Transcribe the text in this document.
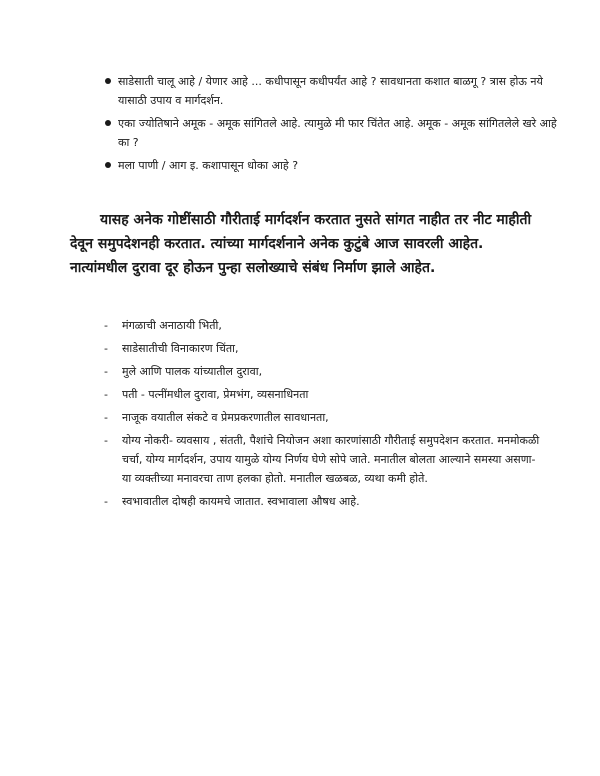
साडेसाती चालू आहे / येणार आहे ... कधीपासून कधीपर्यंत आहे ? सावधानता कशात बाळगू ? त्रास होऊ नये यासाठी उपाय व मार्गदर्शन.
एका ज्योतिषाने अमूक - अमूक सांगितले आहे. त्यामुळे मी फार चिंतेत आहे. अमूक - अमूक सांगितलेले खरे आहे का ?
मला पाणी / आग इ. कशापासून धोका आहे ?

यासह अनेक गोष्टींसाठी गौरीताई मार्गदर्शन करतात नुसते सांगत नाहीत तर नीट माहीती देवून समुपदेशनही करतात. त्यांच्या मार्गदर्शनाने अनेक कुटुंबे आज सावरली आहेत. नात्यांमधील दुरावा दूर होऊन पुन्हा सलोख्याचे संबंध निर्माण झाले आहेत.

- मंगळाची अनाठायी भिती,
- साडेसातीची विनाकारण चिंता,
- मुले आणि पालक यांच्यातील दुरावा,
- पती - पत्नींमधील दुरावा, प्रेमभंग, व्यसनाधिनता
- नाजूक वयातील संकटे व प्रेमप्रकरणातील सावधानता,
- योग्य नोकरी- व्यवसाय , संतती, पैशांचे नियोजन अशा कारणांसाठी गौरीताई समुपदेशन करतात. मनमोकळी चर्चा, योग्य मार्गदर्शन, उपाय यामुळे योग्य निर्णय घेणे सोपे जाते. मनातील बोलता आल्याने समस्या असणा-या व्यक्तीच्या मनावरचा ताण हलका होतो. मनातील खळबळ, व्यथा कमी होते.
- स्वभावातील दोषही कायमचे जातात. स्वभावाला औषध आहे.
